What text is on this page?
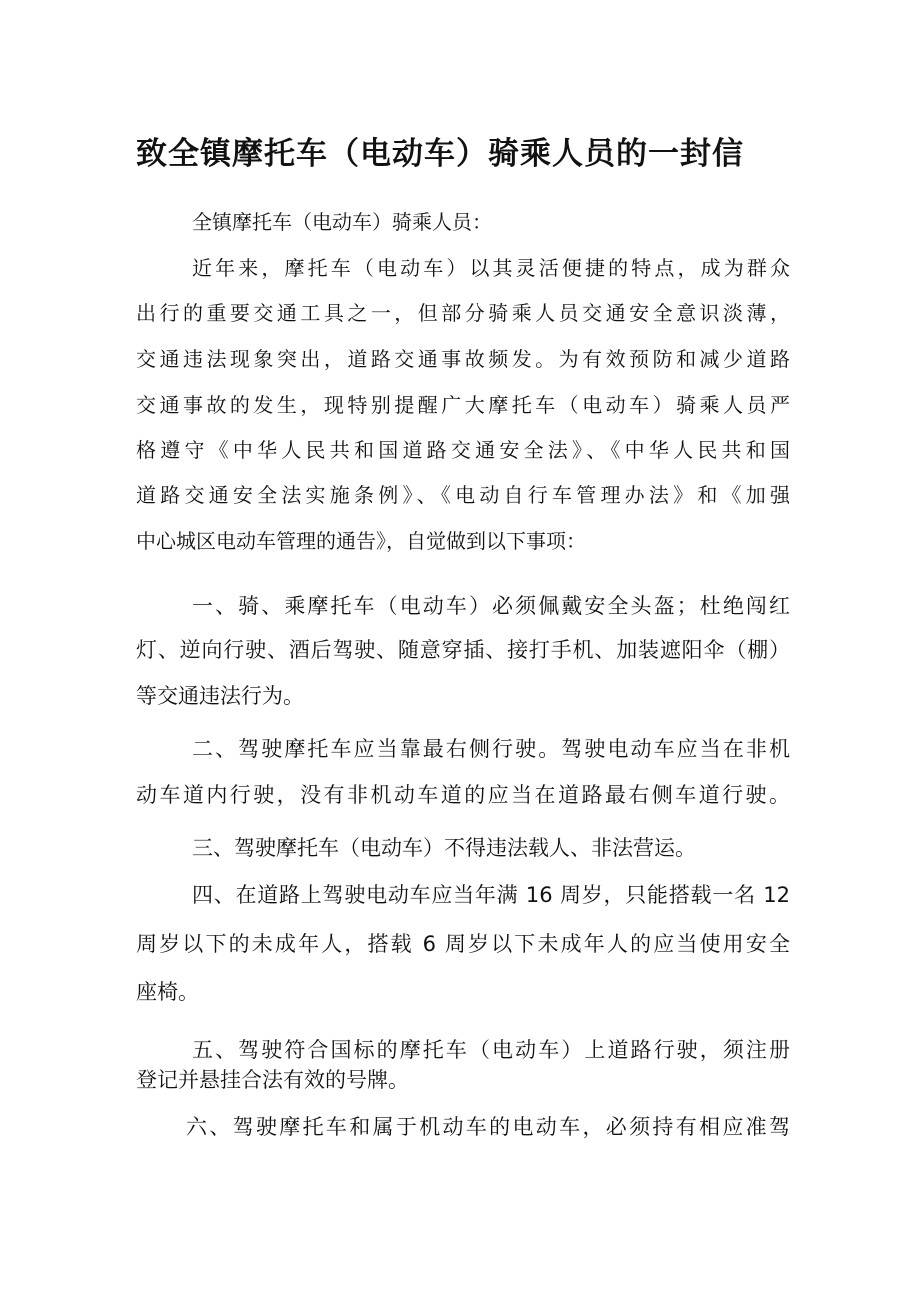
致全镇摩托车（电动车）骑乘人员的一封信
全镇摩托车（电动车）骑乘人员：
近年来，摩托车（电动车）以其灵活便捷的特点，成为群众
出行的重要交通工具之一，但部分骑乘人员交通安全意识淡薄，
交通违法现象突出，道路交通事故频发。为有效预防和减少道路
交通事故的发生，现特别提醒广大摩托车（电动车）骑乘人员严
格遵守《中华人民共和国道路交通安全法》、《中华人民共和国
道路交通安全法实施条例》、《电动自行车管理办法》和《加强
中心城区电动车管理的通告》，自觉做到以下事项：
一、骑、乘摩托车（电动车）必须佩戴安全头盔；杜绝闯红
灯、逆向行驶、酒后驾驶、随意穿插、接打手机、加装遮阳伞（棚）
等交通违法行为。
二、驾驶摩托车应当靠最右侧行驶。驾驶电动车应当在非机
动车道内行驶，没有非机动车道的应当在道路最右侧车道行驶。
三、驾驶摩托车（电动车）不得违法载人、非法营运。
四、在道路上驾驶电动车应当年满 16 周岁，只能搭载一名 12
周岁以下的未成年人，搭载 6 周岁以下未成年人的应当使用安全
座椅。
五、驾驶符合国标的摩托车（电动车）上道路行驶，须注册
登记并悬挂合法有效的号牌。
六、驾驶摩托车和属于机动车的电动车，必须持有相应准驾
